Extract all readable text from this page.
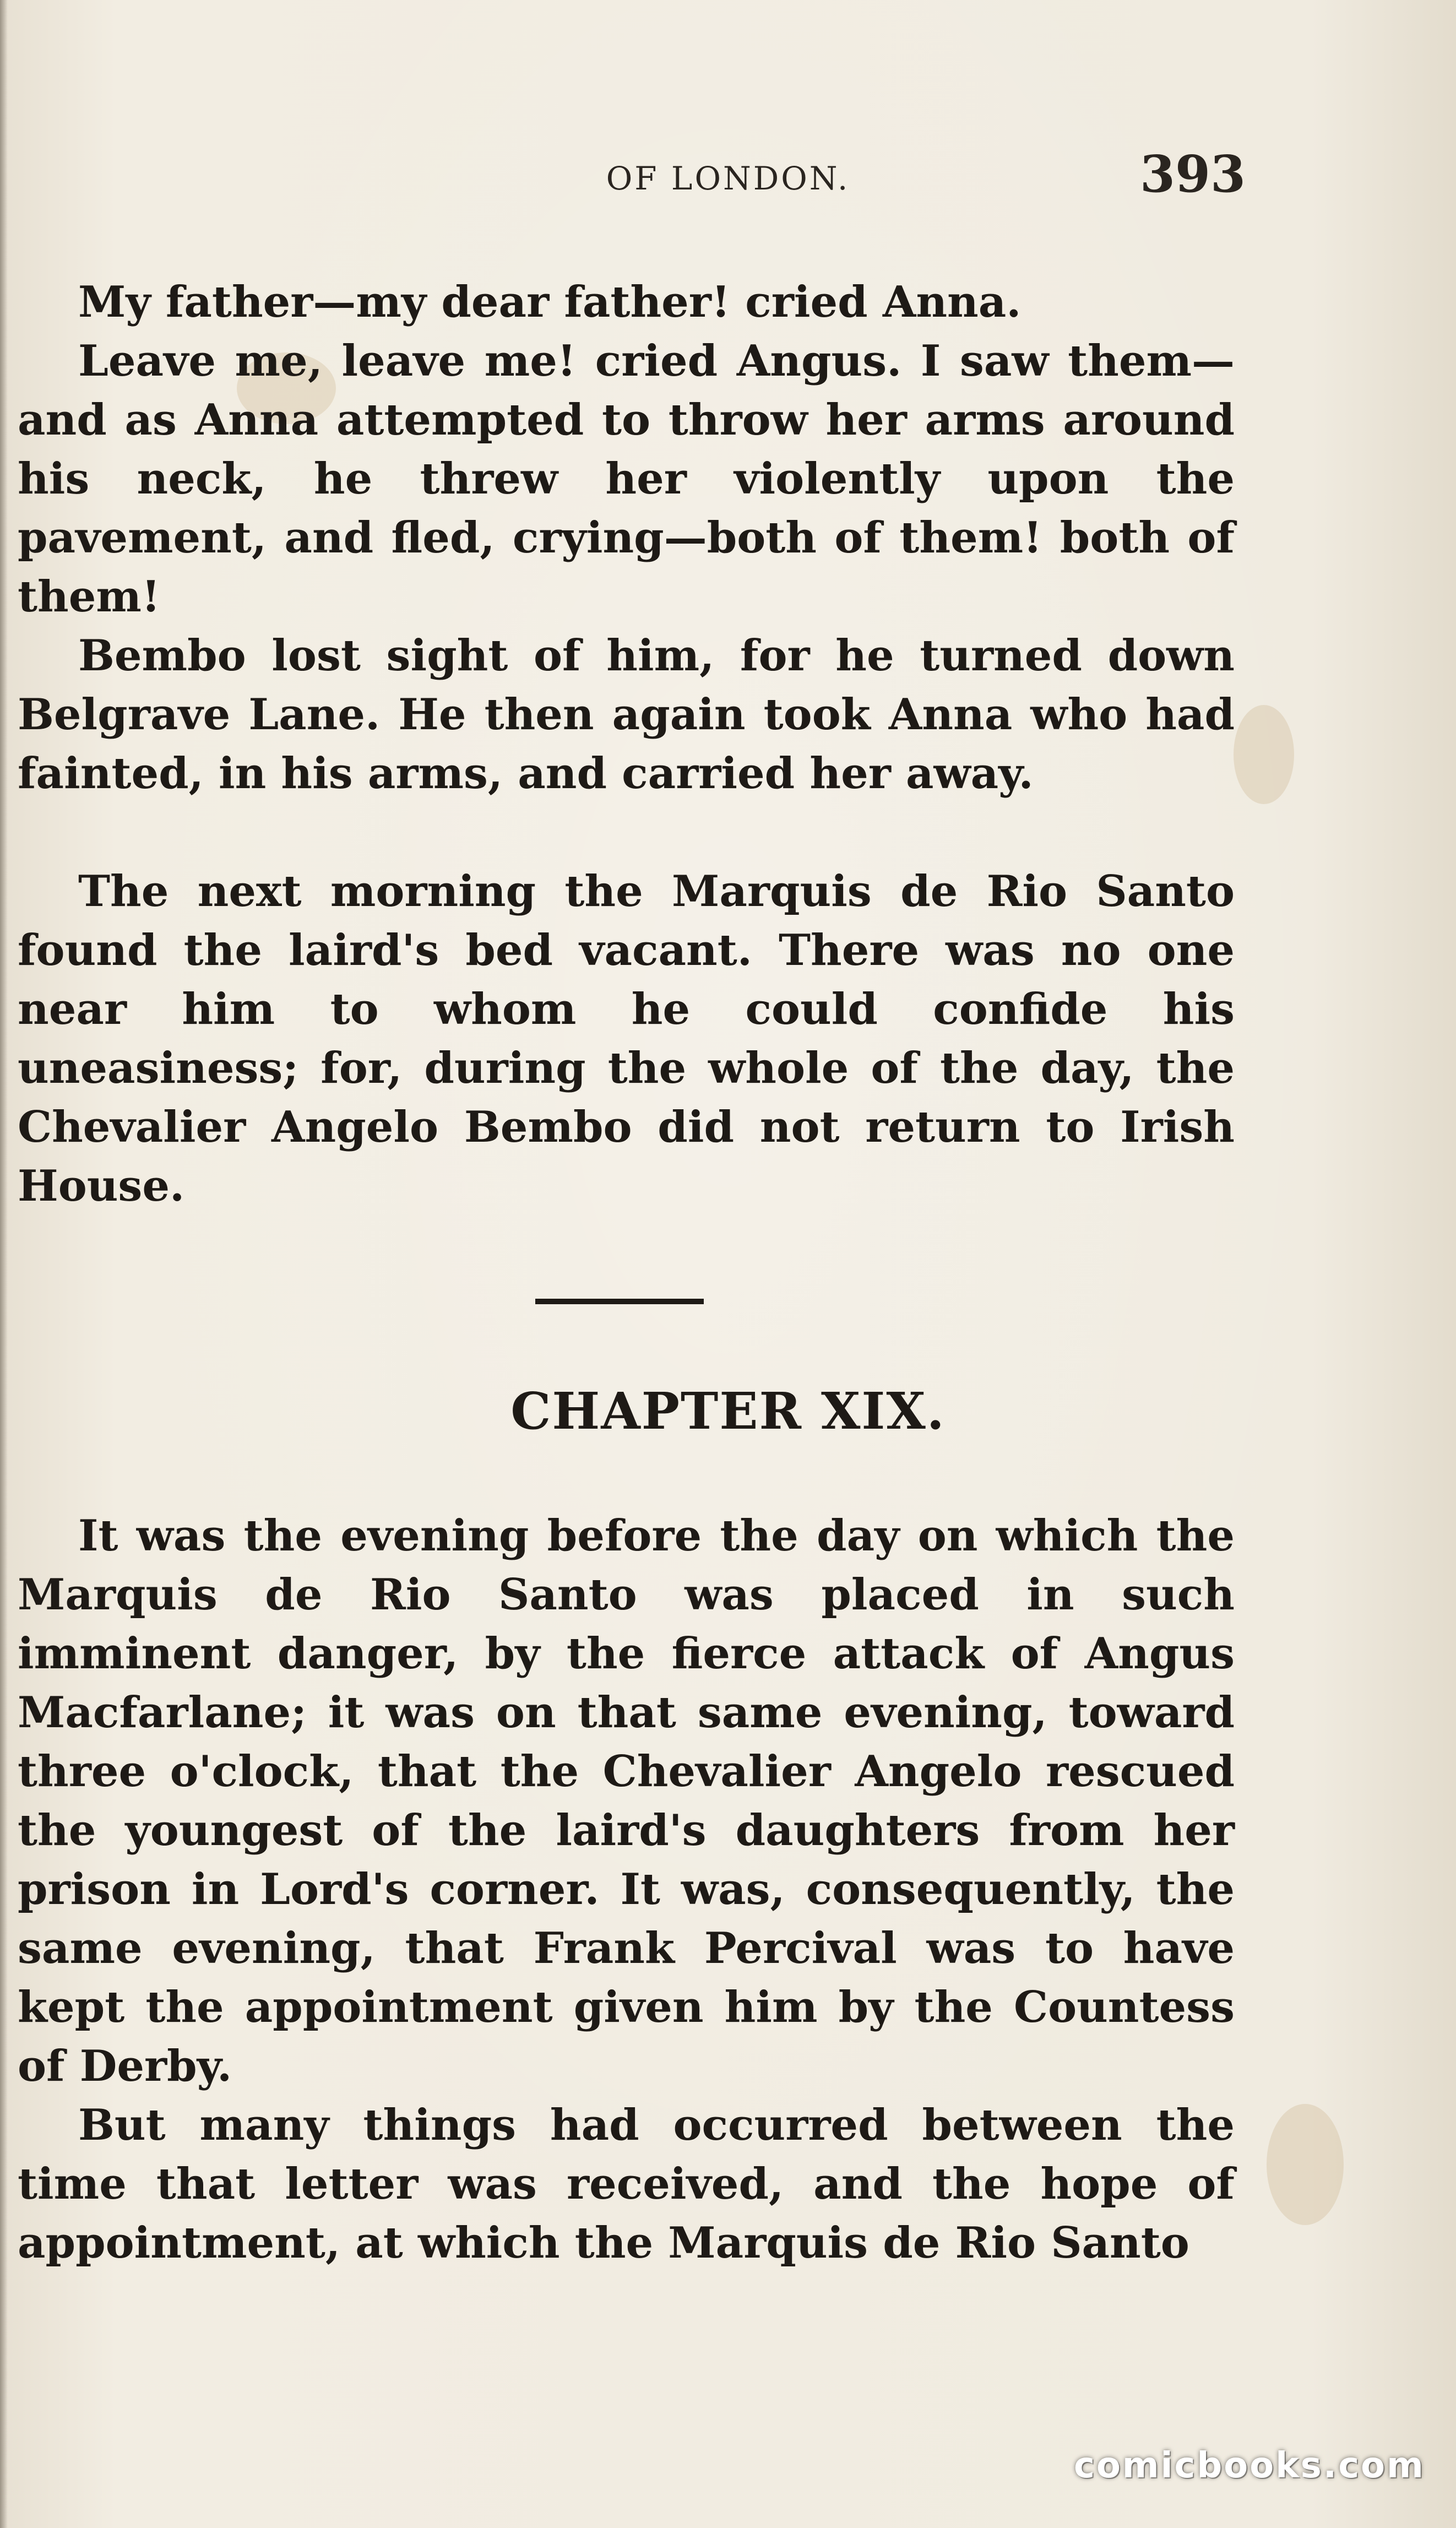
OF LONDON.	393

My father—my dear father! cried Anna.

Leave me, leave me! cried Angus. I saw them— and as Anna attempted to throw her arms around his neck, he threw her violently upon the pavement, and fled, crying—both of them! both of them!

Bembo lost sight of him, for he turned down Belgrave Lane. He then again took Anna who had fainted, in his arms, and carried her away.

The next morning the Marquis de Rio Santo found the laird's bed vacant. There was no one near him to whom he could confide his uneasiness; for, during the whole of the day, the Chevalier Angelo Bembo did not return to Irish House.

CHAPTER XIX.

It was the evening before the day on which the Marquis de Rio Santo was placed in such imminent danger, by the fierce attack of Angus Macfarlane; it was on that same evening, toward three o'clock, that the Chevalier Angelo rescued the youngest of the laird's daughters from her prison in Lord's corner. It was, consequently, the same evening, that Frank Percival was to have kept the appointment given him by the Countess of Derby.

But many things had occurred between the time that letter was received, and the hope of appointment, at which the Marquis de Rio Santo

comicbooks.com
